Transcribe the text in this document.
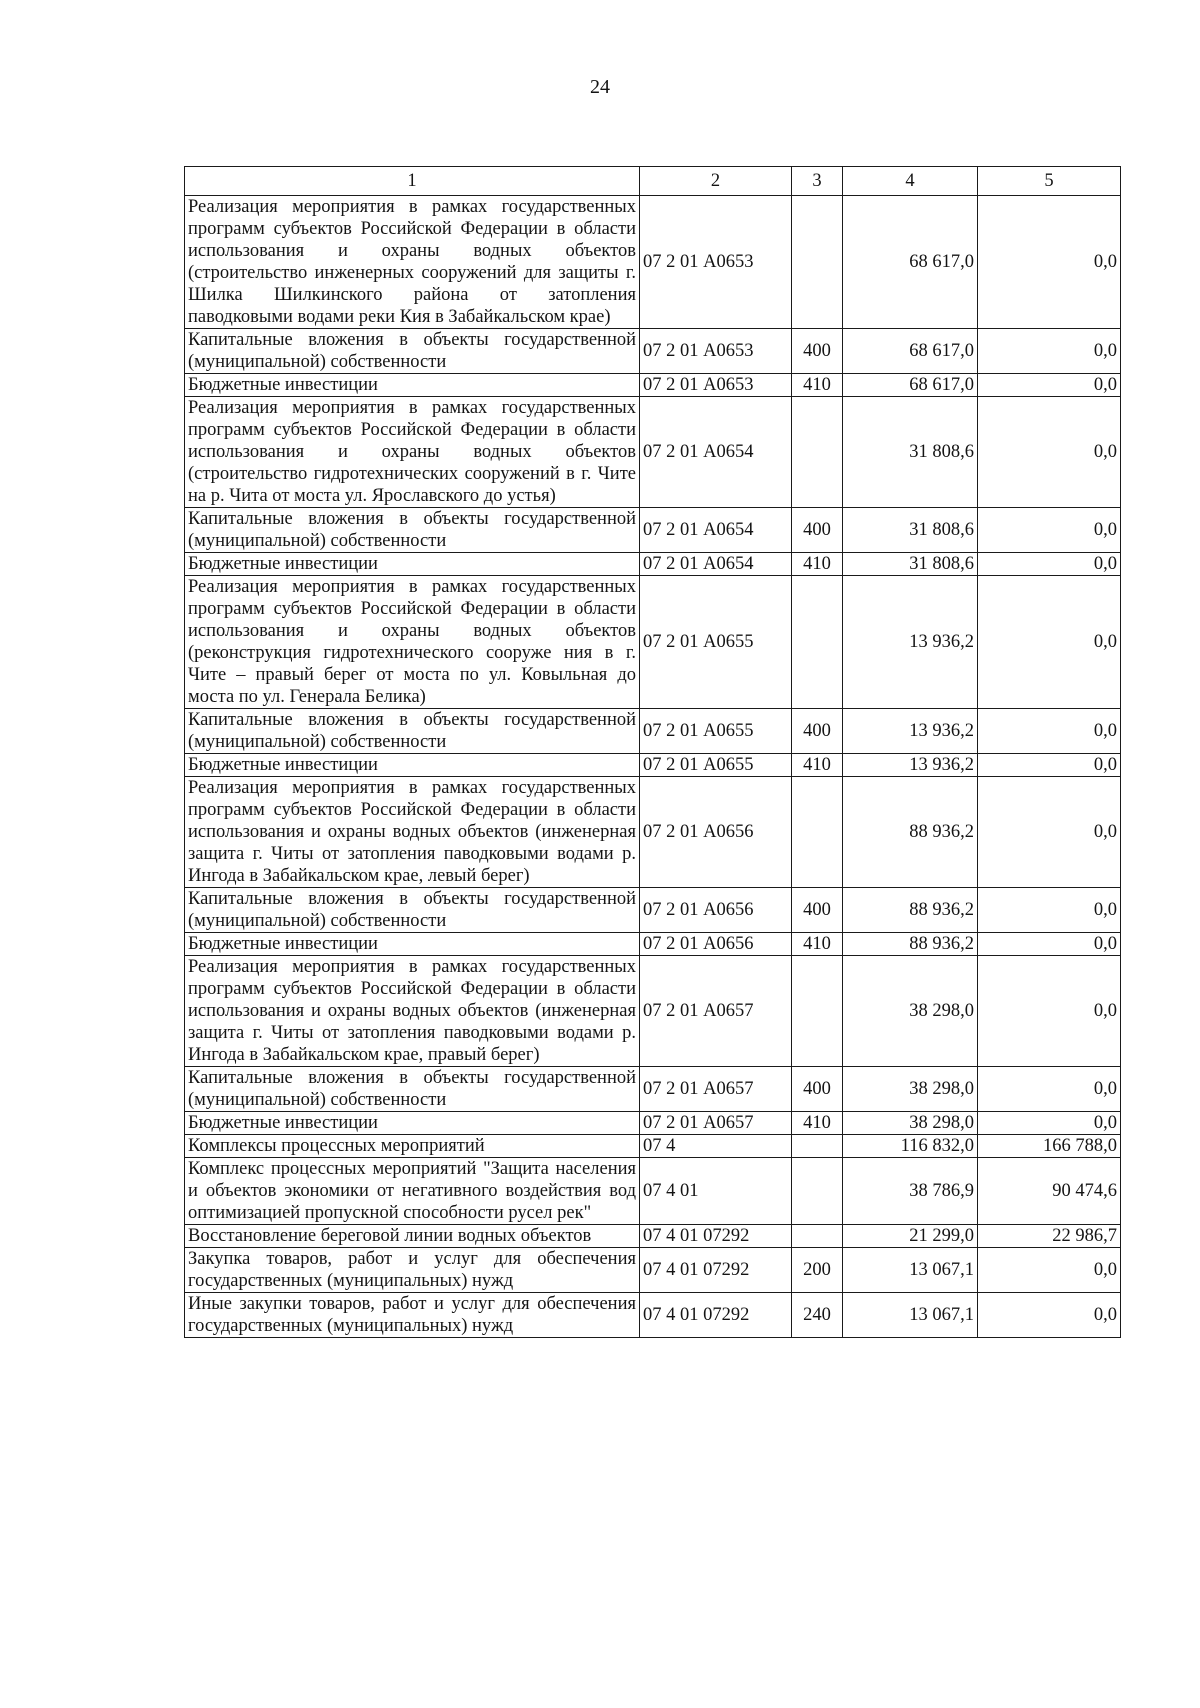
24
1	2	3	4	5
Реализация мероприятия в рамках государственных программ субъектов Российской Федерации в области использования и охраны водных объектов (строительство инженерных сооружений для защиты г. Шилка Шилкинского района от затопления паводковыми водами реки Кия в Забайкальском крае)	07 2 01 А0653		68 617,0	0,0
Капитальные вложения в объекты государственной (муниципальной) собственности	07 2 01 А0653	400	68 617,0	0,0
Бюджетные инвестиции	07 2 01 А0653	410	68 617,0	0,0
Реализация мероприятия в рамках государственных программ субъектов Российской Федерации в области использования и охраны водных объектов (строительство гидротехнических сооружений в г. Чите на р. Чита от моста ул. Ярославского до устья)	07 2 01 А0654		31 808,6	0,0
Капитальные вложения в объекты государственной (муниципальной) собственности	07 2 01 А0654	400	31 808,6	0,0
Бюджетные инвестиции	07 2 01 А0654	410	31 808,6	0,0
Реализация мероприятия в рамках государственных программ субъектов Российской Федерации в области использования и охраны водных объектов (реконструкция гидротехнического сооруже ния в г. Чите – правый берег от моста по ул. Ковыльная до моста по ул. Генерала Белика)	07 2 01 А0655		13 936,2	0,0
Капитальные вложения в объекты государственной (муниципальной) собственности	07 2 01 А0655	400	13 936,2	0,0
Бюджетные инвестиции	07 2 01 А0655	410	13 936,2	0,0
Реализация мероприятия в рамках государственных программ субъектов Российской Федерации в области использования и охраны водных объектов (инженерная защита г. Читы от затопления паводковыми водами р. Ингода в Забайкальском крае, левый берег)	07 2 01 А0656		88 936,2	0,0
Капитальные вложения в объекты государственной (муниципальной) собственности	07 2 01 А0656	400	88 936,2	0,0
Бюджетные инвестиции	07 2 01 А0656	410	88 936,2	0,0
Реализация мероприятия в рамках государственных программ субъектов Российской Федерации в области использования и охраны водных объектов (инженерная защита г. Читы от затопления паводковыми водами р. Ингода в Забайкальском крае, правый берег)	07 2 01 А0657		38 298,0	0,0
Капитальные вложения в объекты государственной (муниципальной) собственности	07 2 01 А0657	400	38 298,0	0,0
Бюджетные инвестиции	07 2 01 А0657	410	38 298,0	0,0
Комплексы процессных мероприятий	07 4		116 832,0	166 788,0
Комплекс процессных мероприятий "Защита населения и объектов экономики от негативного воздействия вод оптимизацией пропускной способности русел рек"	07 4 01		38 786,9	90 474,6
Восстановление береговой линии водных объектов	07 4 01 07292		21 299,0	22 986,7
Закупка товаров, работ и услуг для обеспечения государственных (муниципальных) нужд	07 4 01 07292	200	13 067,1	0,0
Иные закупки товаров, работ и услуг для обеспечения государственных (муниципальных) нужд	07 4 01 07292	240	13 067,1	0,0
